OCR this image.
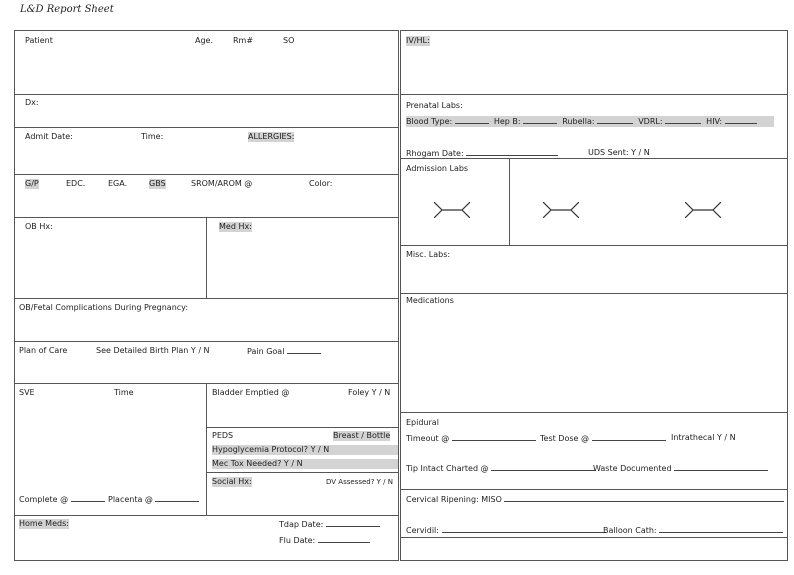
L&D Report Sheet
Patient	Age. Rm#	SO
Dx:
Admit Date:	Time:	ALLERGIES:
G/P	EDC.	EGA.	GBS	SROM/AROM @	Color:
OB Hx:	Med Hx:
OB/Fetal Complications During Pregnancy:
Plan of Care	See Detailed Birth Plan Y / N	Pain Goal
SVE	Time	Bladder Emptied @	Foley Y / N
PEDS	Breast / Bottle
Hypoglycemia Protocol? Y / N
Mec Tox Needed? Y / N
Social Hx:	DV Assessed? Y / N
Complete @	Placenta @
Home Meds:	Tdap Date:
Flu Date:
IV/HL:
Prenatal Labs:
Blood Type:	Hep B:	Rubella:	VDRL:	HIV:
Rhogam Date:	UDS Sent: Y / N
Admission Labs
Misc. Labs:
Medications
Epidural
Timeout @	Test Dose @	Intrathecal Y / N
Tip Intact Charted @	Waste Documented
Cervical Ripening: MISO
Cervidil:	Balloon Cath:
